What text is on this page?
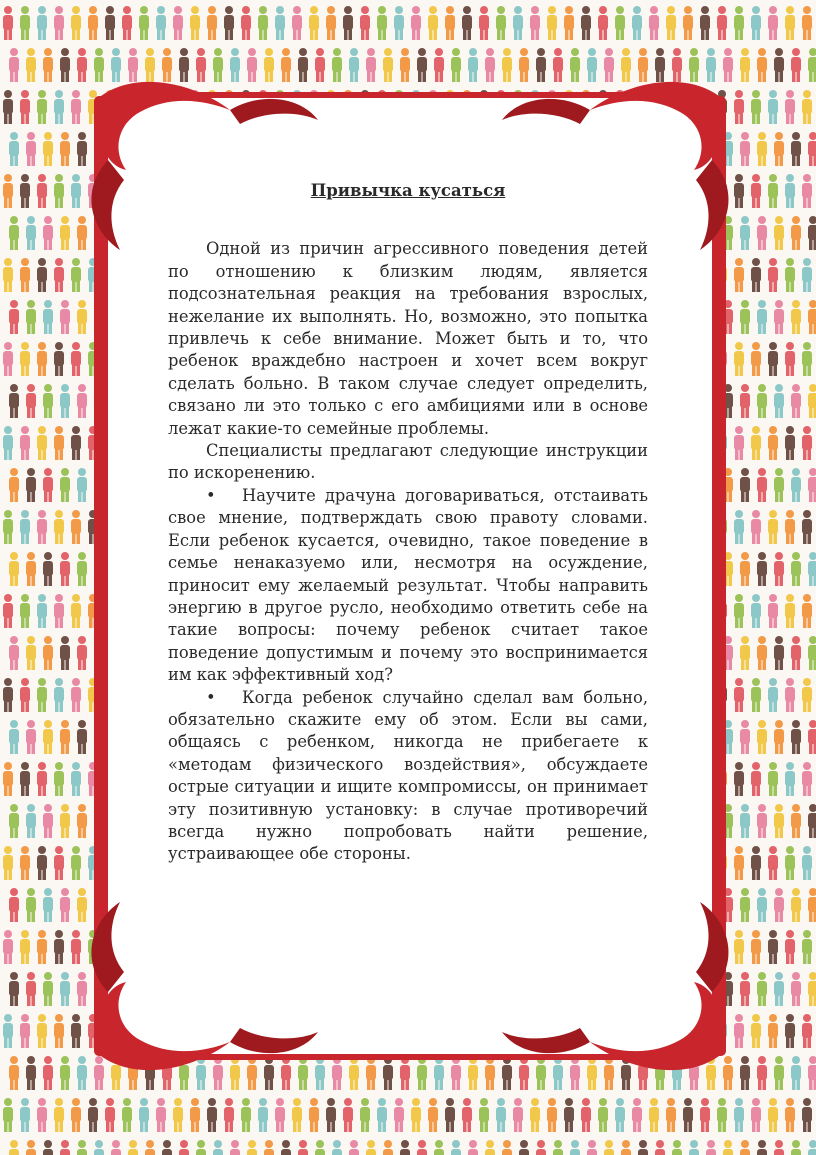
Привычка кусаться

Одной из причин агрессивного поведения детей по отношению к близким людям, является подсознательная реакция на требования взрослых, нежелание их выполнять. Но, возможно, это попытка привлечь к себе внимание. Может быть и то, что ребенок враждебно настроен и хочет всем вокруг сделать больно. В таком случае следует определить, связано ли это только с его амбициями или в основе лежат какие-то семейные проблемы.

Специалисты предлагают следующие инструкции по искоренению.

• Научите драчуна договариваться, отстаивать свое мнение, подтверждать свою правоту словами. Если ребенок кусается, очевидно, такое поведение в семье ненаказуемо или, несмотря на осуждение, приносит ему желаемый результат. Чтобы направить энергию в другое русло, необходимо ответить себе на такие вопросы: почему ребенок считает такое поведение допустимым и почему это воспринимается им как эффективный ход?

• Когда ребенок случайно сделал вам больно, обязательно скажите ему об этом. Если вы сами, общаясь с ребенком, никогда не прибегаете к «методам физического воздействия», обсуждаете острые ситуации и ищите компромиссы, он принимает эту позитивную установку: в случае противоречий всегда нужно попробовать найти решение, устраивающее обе стороны.
